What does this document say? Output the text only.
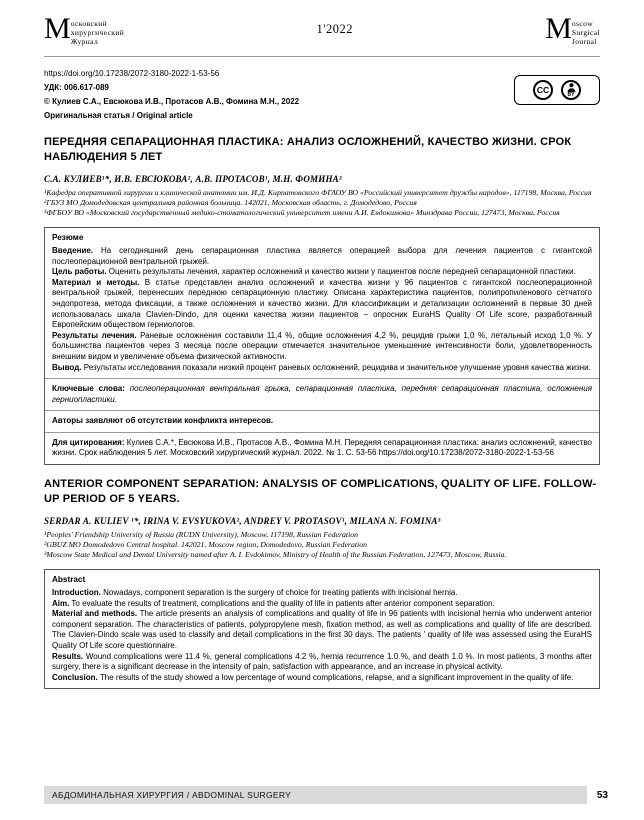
М осковский
хирургический
Журнал
1'2022	M oscow
Surgical
Journal
https://doi.org/10.17238/2072-3180-2022-1-53-56
УДК: 006.617-089
© Кулиев С.А., Евсюкова И.В., Протасов А.В., Фомина М.Н., 2022
Оригинальная статья / Original article
CC	BY
ПЕРЕДНЯЯ СЕПАРАЦИОННАЯ ПЛАСТИКА: АНАЛИЗ ОСЛОЖНЕНИЙ, КАЧЕСТВО ЖИЗНИ. СРОК НАБЛЮДЕНИЯ 5 ЛЕТ
С.А. КУЛИЕВ¹*, И.В. ЕВСЮКОВА², А.В. ПРОТАСОВ¹, М.Н. ФОМИНА³

¹Кафедра оперативной хирургии и клинической анатомии им. И.Д. Кирпатовского ФГАОУ ВО «Российский университет дружбы народов», 117198, Москва, Россия

²ГБУЗ МО Домодедовская центральная районная больница. 142021, Московская область, г. Домодедово, Россия

³ФГБОУ ВО «Московский государственный медико-стоматологический университет имени А.И. Евдокимова» Минздрава России, 127473, Москва, Россия

Резюме

Введение. На сегодняшний день сепарационная пластика является операцией выбора для лечения пациентов с гигантской послеоперационной вентральной грыжей.

Цель работы. Оценить результаты лечения, характер осложнений и качество жизни у пациентов после передней сепарационной пластики.

Материал и методы. В статье представлен анализ осложнений и качества жизни у 96 пациентов с гигантской послеоперационной вентральной грыжей, перенесших переднюю сепарационную пластику. Описана характеристика пациентов, полипропиленового сетчатого эндопротеза, метода фиксации, а также осложнения и качество жизни. Для классификации и детализации осложнений в первые 30 дней использовалась шкала Clavien-Dindo, для оценки качества жизни пациентов – опросник EuraHS Quality Of Life score, разработанный Европейским обществом герниологов.

Результаты лечения. Раневые осложнения составили 11,4 %, общие осложнения 4,2 %, рецидив грыжи 1,0 %, летальный исход 1,0 %. У большинства пациентов через 3 месяца после операции отмечается значительное уменьшение интенсивности боли, удовлетворенность внешним видом и увеличение объема физической активности.

Вывод. Результаты исследования показали низкий процент раневых осложнений, рецидива и значительное улучшение уровня качества жизни.

Ключевые слова: послеоперационная вентральная грыжа, сепарационная пластика, передняя сепарационная пластика, осложнения герниопластики.

Авторы заявляют об отсутствии конфликта интересов.

Для цитирования: Кулиев С.А.*, Евсюкова И.В., Протасов А.В., Фомина М.Н. Передняя сепарационная пластика: анализ осложнений, качество жизни. Срок наблюдения 5 лет. Московский хирургический журнал. 2022. № 1. С. 53-56 https://doi.org/10.17238/2072-3180-2022-1-53-56

ANTERIOR COMPONENT SEPARATION: ANALYSIS OF COMPLICATIONS, QUALITY OF LIFE. FOLLOW-UP PERIOD OF 5 YEARS.
SERDAR A. KULIEV ¹*, IRINA V. EVSYUKOVA², ANDREY V. PROTASOV¹, MILANA N. FOMINA³

¹Peoples' Friendship University of Russia (RUDN University), Moscow, 117198, Russian Federation

²GBUZ MO Domodedovo Central hospital. 142021, Moscow region, Domodedovo, Russian Federation

³Moscow State Medical and Dental University named after A. I. Evdokimov, Ministry of Health of the Russian Federation, 127473, Moscow, Russia.

Abstract

Introduction. Nowadays, component separation is the surgery of choice for treating patients with incisional hernia.

Aim. To evaluate the results of treatment, complications and the quality of life in patients after anterior component separation.

Material and methods. The article presents an analysis of complications and quality of life in 96 patients with incisional hernia who underwent anterior component separation. The characteristics of patients, polypropylene mesh, fixation method, as well as complications and quality of life are described. The Clavien-Dindo scale was used to classify and detail complications in the first 30 days. The patients ' quality of life was assessed using the EuraHS Quality Of Life score questionnaire.

Results. Wound complications were 11.4 %, general complications 4.2 %, hernia recurrence 1.0 %, and death 1.0 %. In most patients, 3 months after surgery, there is a significant decrease in the intensity of pain, satisfaction with appearance, and an increase in physical activity.

Conclusion. The results of the study showed a low percentage of wound complications, relapse, and a significant improvement in the quality of life.

АБДОМИНАЛЬНАЯ ХИРУРГИЯ / ABDOMINAL SURGERY	53
